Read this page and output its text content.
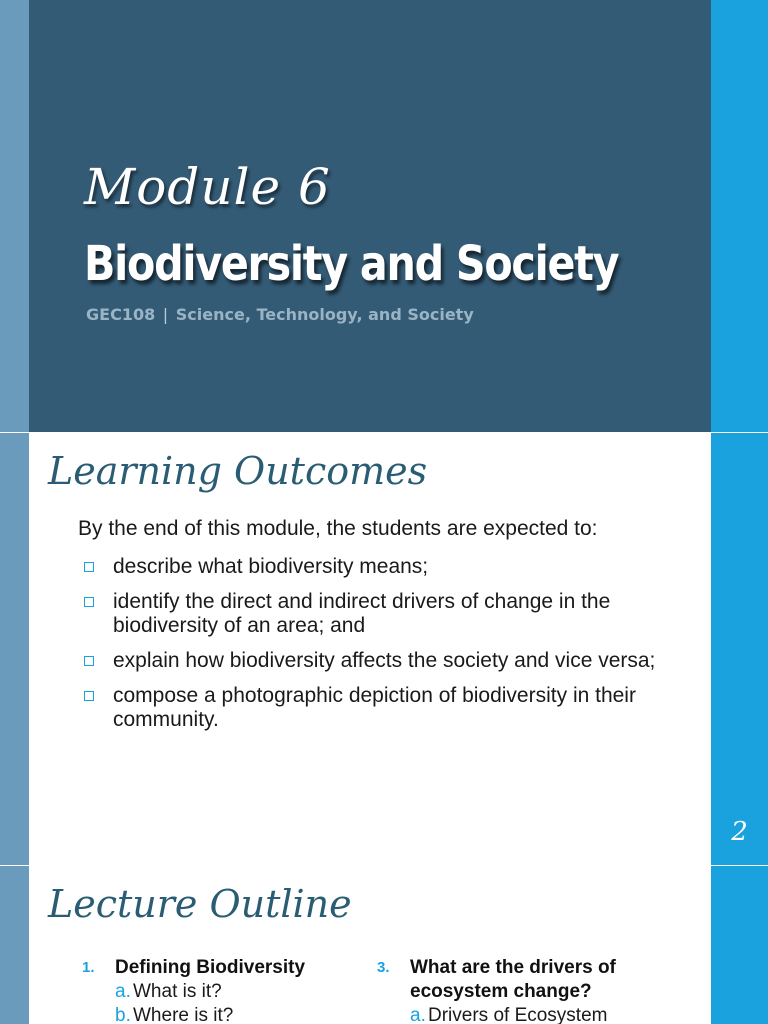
Module 6
Biodiversity and Society

GEC108 | Science, Technology, and Society

Learning Outcomes

By the end of this module, the students are expected to:

describe what biodiversity means;
identify the direct and indirect drivers of change in the biodiversity of an area; and
explain how biodiversity affects the society and vice versa;
compose a photographic depiction of biodiversity in their community.

2

Lecture Outline
1. Defining Biodiversity
a. What is it?
b. Where is it?
3. What are the drivers of ecosystem change?
a. Drivers of Ecosystem
